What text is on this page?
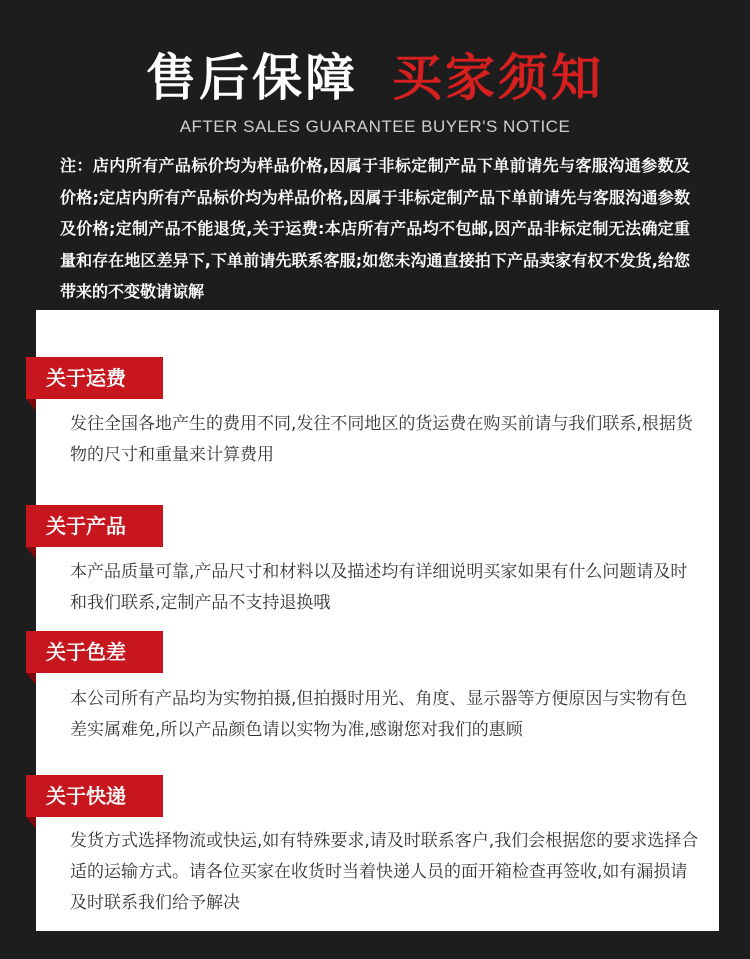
售后保障 买家须知
AFTER SALES GUARANTEE BUYER'S NOTICE
注：店内所有产品标价均为样品价格,因属于非标定制产品下单前请先与客服沟通参数及价格;定店内所有产品标价均为样品价格,因属于非标定制产品下单前请先与客服沟通参数及价格;定制产品不能退货,关于运费:本店所有产品均不包邮,因产品非标定制无法确定重量和存在地区差异下,下单前请先联系客服;如您未沟通直接拍下产品卖家有权不发货,给您带来的不变敬请谅解
关于运费
发往全国各地产生的费用不同,发往不同地区的货运费在购买前请与我们联系,根据货物的尺寸和重量来计算费用
关于产品
本产品质量可靠,产品尺寸和材料以及描述均有详细说明买家如果有什么问题请及时和我们联系,定制产品不支持退换哦
关于色差
本公司所有产品均为实物拍摄,但拍摄时用光、角度、显示器等方便原因与实物有色差实属难免,所以产品颜色请以实物为准,感谢您对我们的惠顾
关于快递
发货方式选择物流或快运,如有特殊要求,请及时联系客户,我们会根据您的要求选择合适的运输方式。请各位买家在收货时当着快递人员的面开箱检查再签收,如有漏损请及时联系我们给予解决
